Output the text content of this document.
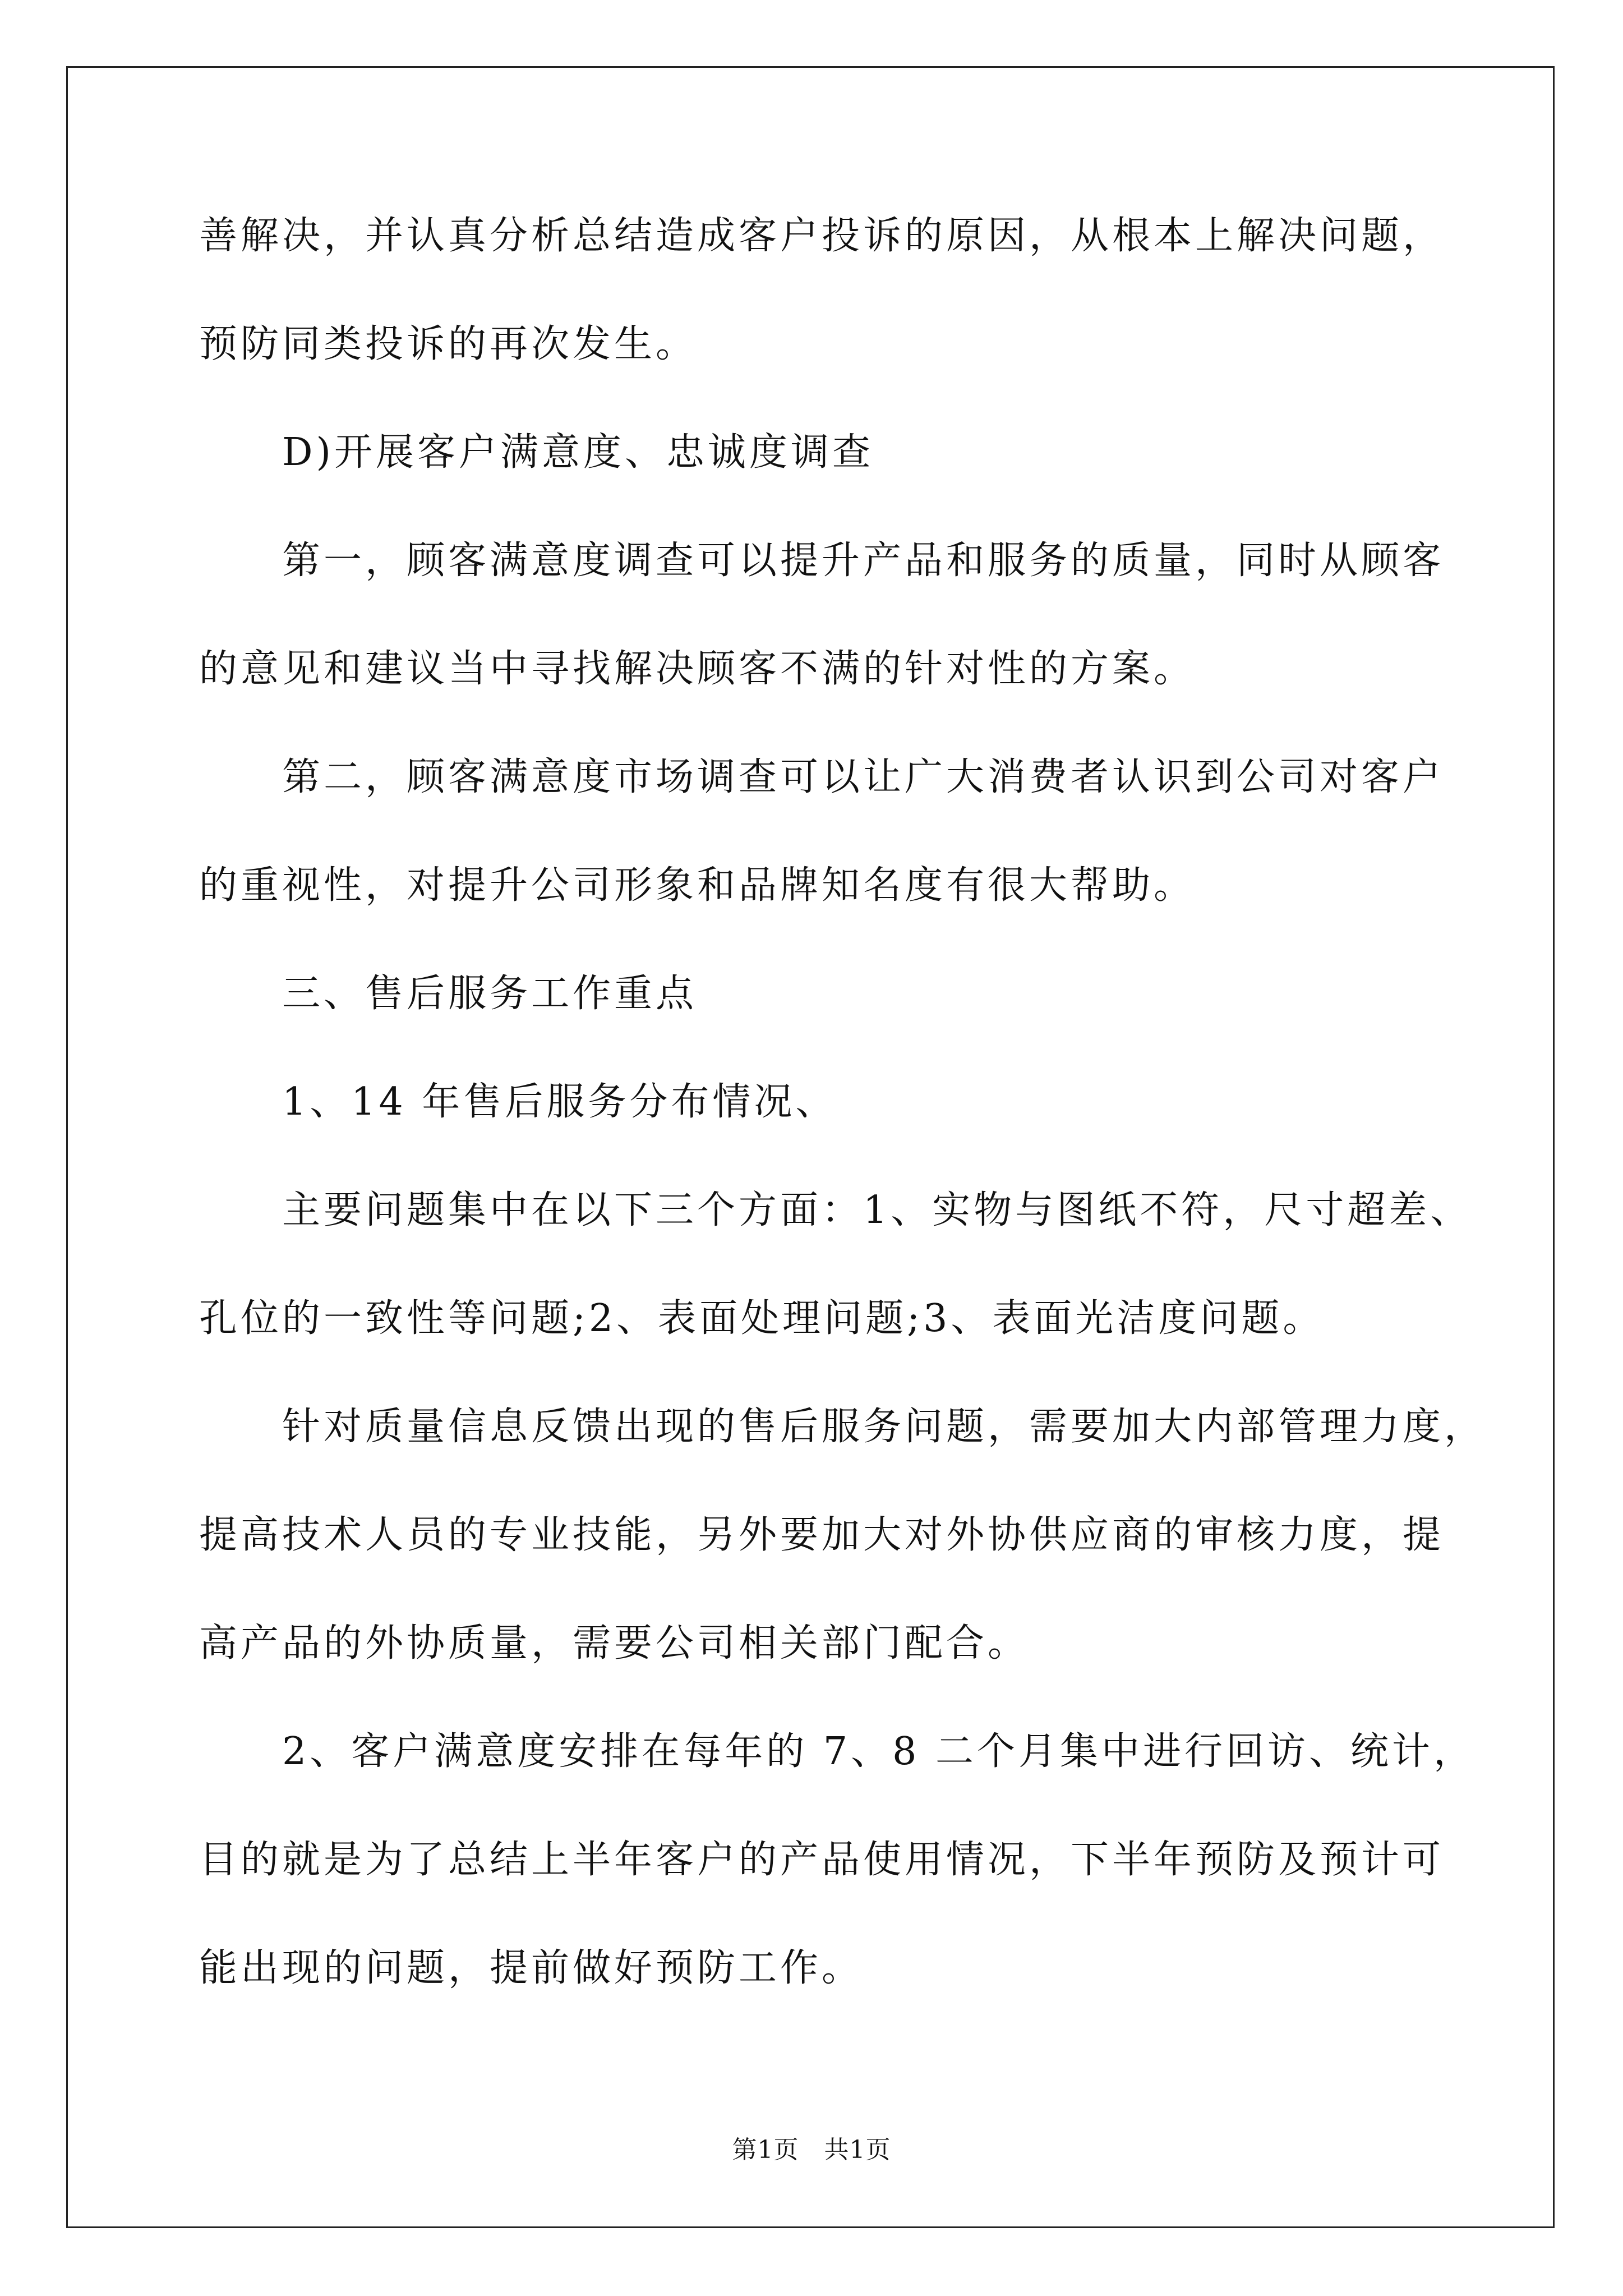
善解决，并认真分析总结造成客户投诉的原因，从根本上解决问题，
预防同类投诉的再次发生。
D)开展客户满意度、忠诚度调查
第一，顾客满意度调查可以提升产品和服务的质量，同时从顾客
的意见和建议当中寻找解决顾客不满的针对性的方案。
第二，顾客满意度市场调查可以让广大消费者认识到公司对客户
的重视性，对提升公司形象和品牌知名度有很大帮助。
三、售后服务工作重点
1、14 年售后服务分布情况、
主要问题集中在以下三个方面：1、实物与图纸不符，尺寸超差、
孔位的一致性等问题;2、表面处理问题;3、表面光洁度问题。
针对质量信息反馈出现的售后服务问题，需要加大内部管理力度，
提高技术人员的专业技能，另外要加大对外协供应商的审核力度，提
高产品的外协质量，需要公司相关部门配合。
2、客户满意度安排在每年的 7、8 二个月集中进行回访、统计，
目的就是为了总结上半年客户的产品使用情况，下半年预防及预计可
能出现的问题，提前做好预防工作。
第1页   共1页
